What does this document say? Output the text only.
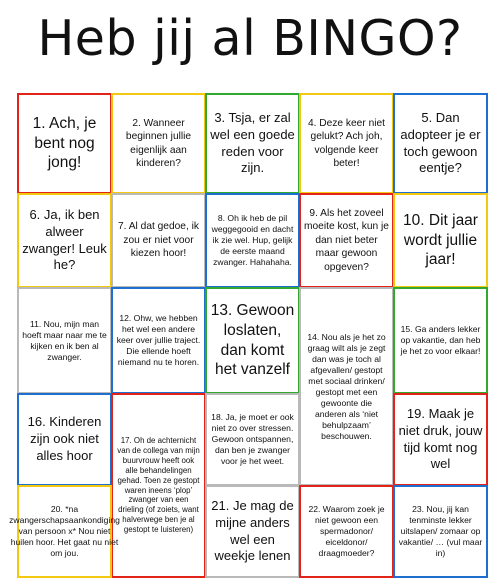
Heb jij al BINGO?
1. Ach, je bent nog jong!
2. Wanneer beginnen jullie eigenlijk aan kinderen?
3. Tsja, er zal wel een goede reden voor zijn.
4. Deze keer niet gelukt? Ach joh, volgende keer beter!
5. Dan adopteer je er toch gewoon eentje?
6. Ja, ik ben alweer zwanger! Leuk he?
7. Al dat gedoe, ik zou er niet voor kiezen hoor!
8. Oh ik heb de pil weggegooid en dacht ik zie wel. Hup, gelijk de eerste maand zwanger. Hahahaha.
9. Als het zoveel moeite kost, kun je dan niet beter maar gewoon opgeven?
10. Dit jaar wordt jullie jaar!
11. Nou, mijn man hoeft maar naar me te kijken en ik ben al zwanger.
12. Ohw, we hebben het wel een andere keer over jullie traject. Die ellende hoeft niemand nu te horen.
13. Gewoon loslaten, dan komt het vanzelf
14. Nou als je het zo graag wilt als je zegt dan was je toch al afgevallen/ gestopt met sociaal drinken/ gestopt met een gewoonte die anderen als ‘niet behulpzaam’ beschouwen.
15. Ga anders lekker op vakantie, dan heb je het zo voor elkaar!
16. Kinderen zijn ook niet alles hoor
17. Oh de achternicht van de collega van mijn buurvrouw heeft ook alle behandelingen gehad. Toen ze gestopt waren ineens ‘plop’ zwanger van een drieling (of zoiets, want halverwege ben je al gestopt te luisteren)
18. Ja, je moet er ook niet zo over stressen. Gewoon ontspannen, dan ben je zwanger voor je het weet.
19. Maak je niet druk, jouw tijd komt nog wel
20. *na zwangerschapsaankondiging van persoon x* Nou niet huilen hoor. Het gaat nu niet om jou.
21. Je mag de mijne anders wel een weekje lenen
22. Waarom zoek je niet gewoon een spermadonor/ eiceldonor/ draagmoeder?
23. Nou, jij kan tenminste lekker uitslapen/ zomaar op vakantie/ … (vul maar in)
